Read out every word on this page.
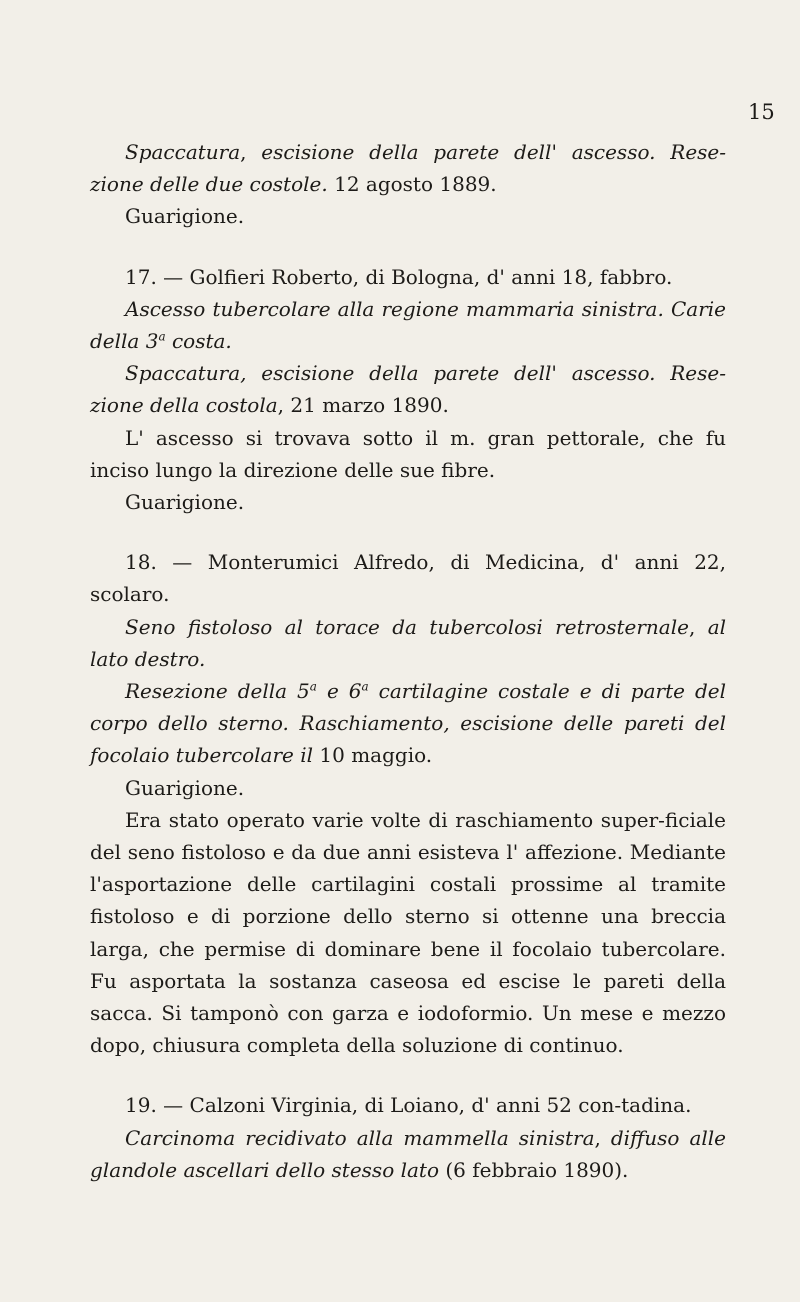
15

Spaccatura, escisione della parete dell' ascesso. Rese-zione delle due costole. 12 agosto 1889.

Guarigione.

17. — Golfieri Roberto, di Bologna, d' anni 18, fabbro.

Ascesso tubercolare alla regione mammaria sinistra. Carie della 3$^a$ costa.

Spaccatura, escisione della parete dell' ascesso. Rese-zione della costola, 21 marzo 1890.

L' ascesso si trovava sotto il m. gran pettorale, che fu inciso lungo la direzione delle sue fibre.

Guarigione.

18. — Monterumici Alfredo, di Medicina, d' anni 22, scolaro.

Seno fistoloso al torace da tubercolosi retrosternale, al lato destro.

Resezione della 5$^a$ e 6$^a$ cartilagine costale e di parte del corpo dello sterno. Raschiamento, escisione delle pareti del focolaio tubercolare il 10 maggio.

Guarigione.

Era stato operato varie volte di raschiamento super-ficiale del seno fistoloso e da due anni esisteva l' affezione. Mediante l'asportazione delle cartilagini costali prossime al tramite fistoloso e di porzione dello sterno si ottenne una breccia larga, che permise di dominare bene il focolaio tubercolare. Fu asportata la sostanza caseosa ed escise le pareti della sacca. Si tamponò con garza e iodoformio. Un mese e mezzo dopo, chiusura completa della soluzione di continuo.

19. — Calzoni Virginia, di Loiano, d' anni 52 con-tadina.

Carcinoma recidivato alla mammella sinistra, diffuso alle glandole ascellari dello stesso lato (6 febbraio 1890).
